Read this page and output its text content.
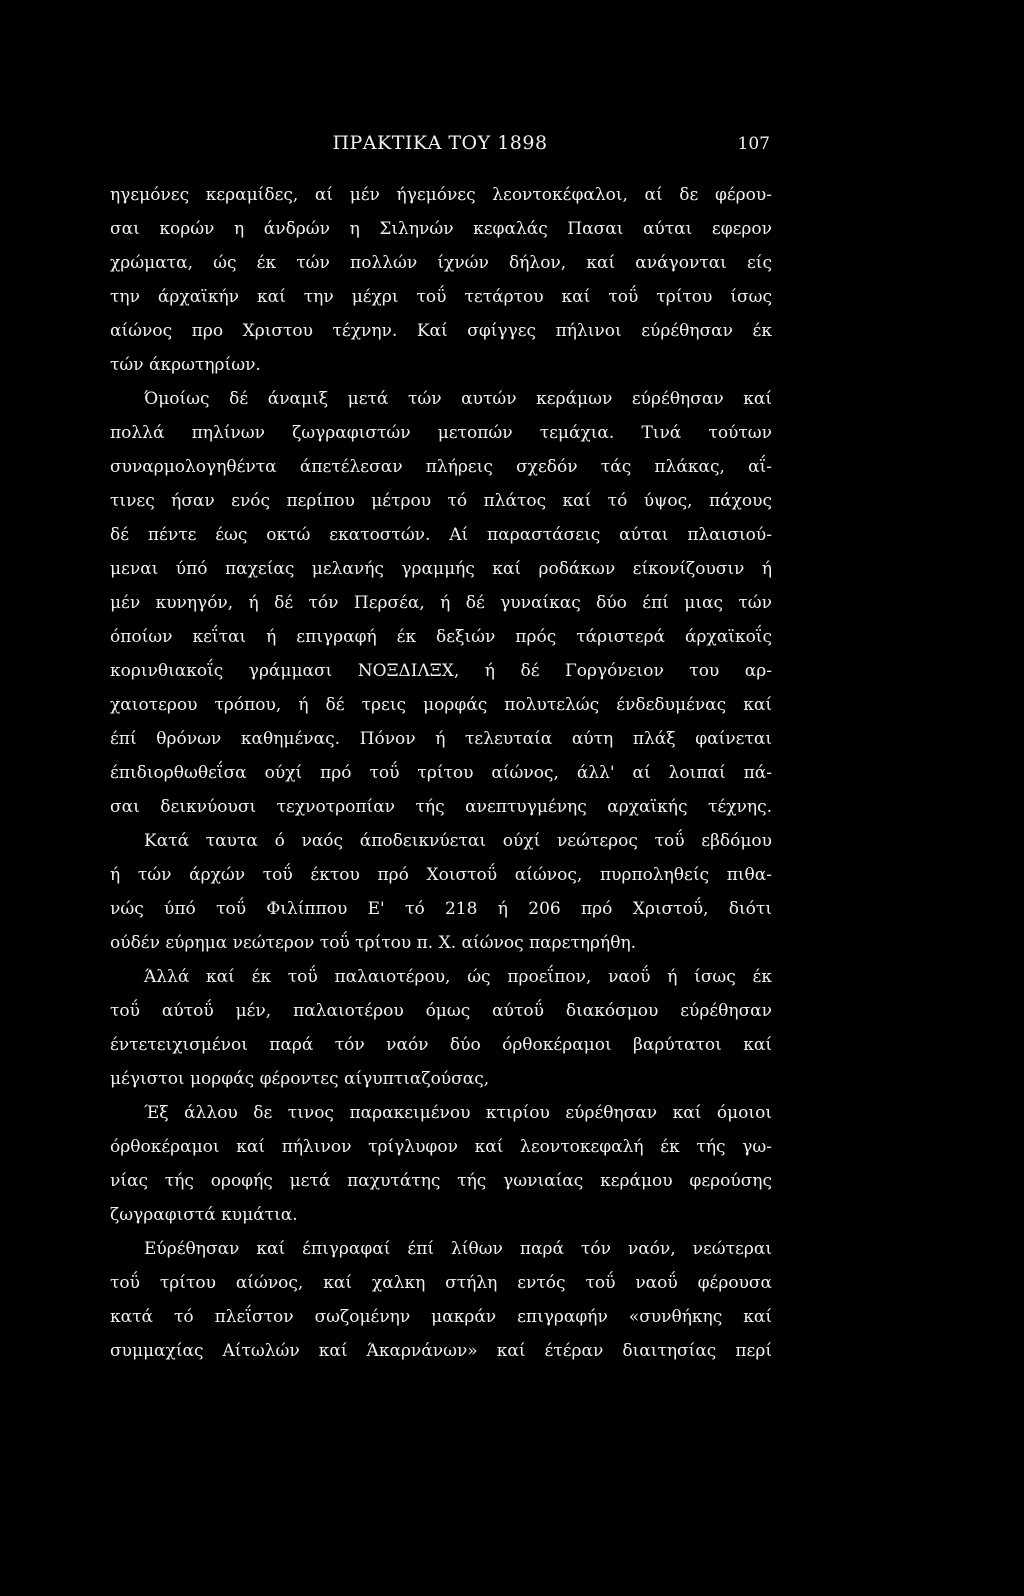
ΠΡΑΚΤΙΚΑ ΤΟΥ 1898	107
ηγεμόνες κεραμίδες, αί μέν ήγεμόνες λεοντοκέφαλοι, αί δε φέρου-
σαι κορών η άνδρών η Σιληνών κεφαλάς Πασαι αύται εφερον
χρώματα, ώς έκ τών πολλών ίχνών δήλον, καί ανάγονται είς
την άρχαϊκήν καί την μέχρι τοΰ τετάρτου καί τοΰ τρίτου ίσως
αίώνος προ Χριστου τέχνην. Καί σφίγγες πήλινοι εύρέθησαν έκ
τών άκρωτηρίων.
Όμοίως δέ άναμιξ μετά τών αυτών κεράμων εύρέθησαν καί
πολλά πηλίνων ζωγραφιστών μετοπών τεμάχια. Τινά τούτων
συναρμολογηθέντα άπετέλεσαν πλήρεις σχεδόν τάς πλάκας, αΐ-
τινες ήσαν ενός περίπου μέτρου τό πλάτος καί τό ύψος, πάχους
δέ πέντε έως οκτώ εκατοστών. Αί παραστάσεις αύται πλαισιού-
μεναι ύπό παχείας μελανής γραμμής καί ροδάκων είκονίζουσιν ή
μέν κυνηγόν, ή δέ τόν Περσέα, ή δέ γυναίκας δύο έπί μιας τών
όποίων κεΐται ή επιγραφή έκ δεξιών πρός τάριστερά άρχαϊκοΐς
κορινθιακοΐς γράμμασι ΝΟΞΔΙΛΞΧ, ή δέ Γοργόνειον του αρ-
χαιοτερου τρόπου, ή δέ τρεις μορφάς πολυτελώς ένδεδυμένας καί
έπί θρόνων καθημένας. Πόνον ή τελευταία αύτη πλάξ φαίνεται
έπιδιορθωθεΐσα ούχί πρό τοΰ τρίτου αίώνος, άλλ' αί λοιπαί πά-
σαι δεικνύουσι τεχνοτροπίαν τής ανεπτυγμένης αρχαϊκής τέχνης.
Κατά ταυτα ό ναός άποδεικνύεται ούχί νεώτερος τοΰ εβδόμου
ή τών άρχών τοΰ έκτου πρό Χοιστοΰ αίώνος, πυρποληθείς πιθα-
νώς ύπό τοΰ Φιλίππου Ε' τό 218 ή 206 πρό Χριστοΰ, διότι
ούδέν εύρημα νεώτερον τοΰ τρίτου π. Χ. αίώνος παρετηρήθη.
Άλλά καί έκ τοΰ παλαιοτέρου, ώς προεΐπον, ναοΰ ή ίσως έκ
τοΰ αύτοΰ μέν, παλαιοτέρου όμως αύτοΰ διακόσμου εύρέθησαν
έντετειχισμένοι παρά τόν ναόν δύο όρθοκέραμοι βαρύτατοι καί
μέγιστοι μορφάς φέροντες αίγυπτιαζούσας,
Έξ άλλου δε τινος παρακειμένου κτιρίου εύρέθησαν καί όμοιοι
όρθοκέραμοι καί πήλινον τρίγλυφον καί λεοντοκεφαλή έκ τής γω-
νίας τής οροφής μετά παχυτάτης τής γωνιαίας κεράμου φερούσης
ζωγραφιστά κυμάτια.
Εύρέθησαν καί έπιγραφαί έπί λίθων παρά τόν ναόν, νεώτεραι
τοΰ τρίτου αίώνος, καί χαλκη στήλη εντός τοΰ ναοΰ φέρουσα
κατά τό πλεΐστον σωζομένην μακράν επιγραφήν «συνθήκης καί
συμμαχίας Αίτωλών καί Άκαρνάνων» καί έτέραν διαιτησίας περί
